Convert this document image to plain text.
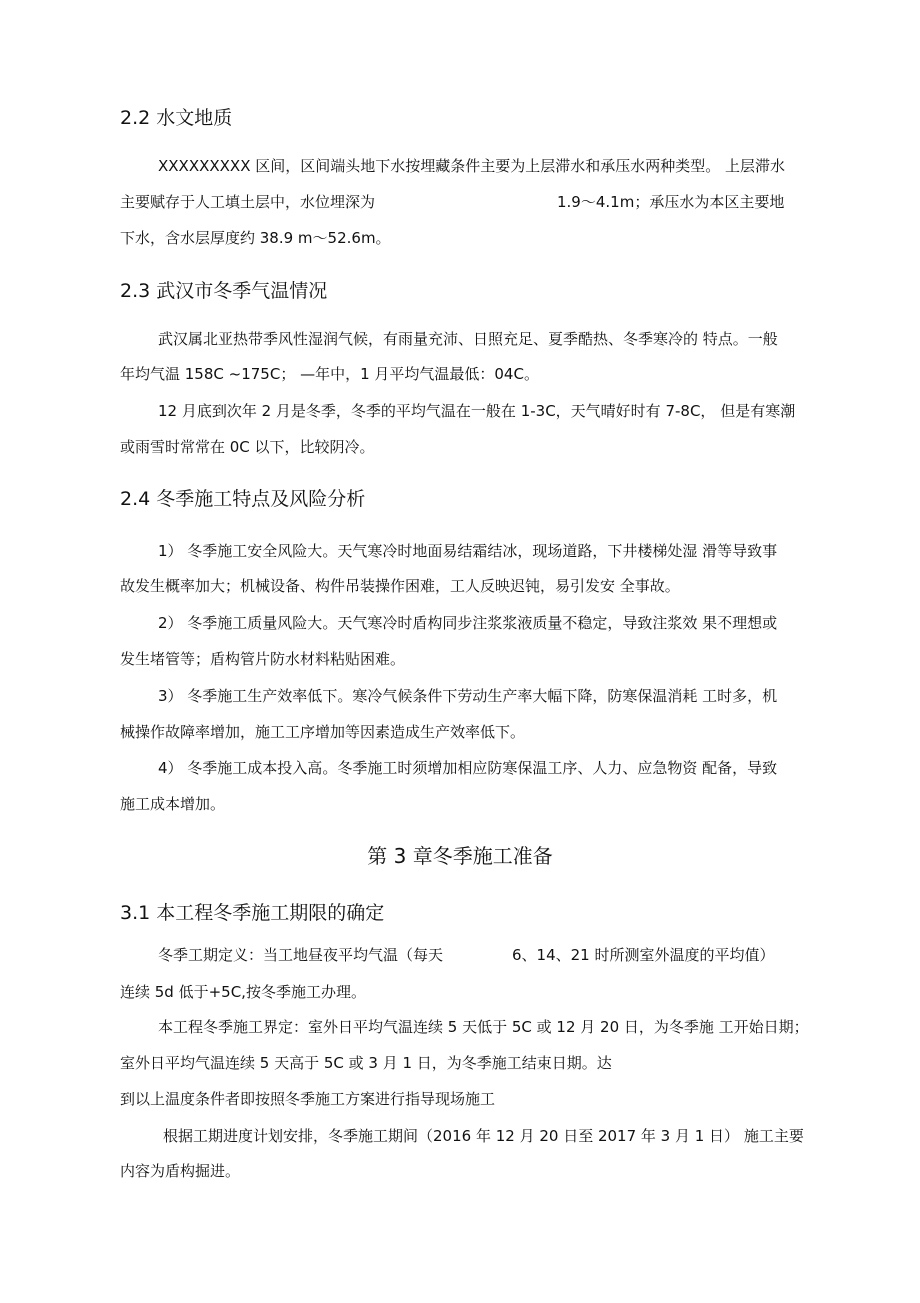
2.2 水文地质
XXXXXXXXX 区间，区间端头地下水按埋藏条件主要为上层滞水和承压水两种类型。 上层滞水
主要赋存于人工填土层中，水位埋深为	1.9～4.1m；承压水为本区主要地
下水，含水层厚度约 38.9 m～52.6m。
2.3 武汉市冬季气温情况
武汉属北亚热带季风性湿润气候，有雨量充沛、日照充足、夏季酷热、冬季寒冷的 特点。一般
年均气温 158C ~175C； —年中，1 月平均气温最低：04C。
12 月底到次年 2 月是冬季，冬季的平均气温在一般在 1-3C，天气晴好时有 7-8C， 但是有寒潮
或雨雪时常常在 0C 以下，比较阴冷。
2.4 冬季施工特点及风险分析
1） 冬季施工安全风险大。天气寒冷时地面易结霜结冰，现场道路，下井楼梯处湿 滑等导致事
故发生概率加大；机械设备、构件吊装操作困难，工人反映迟钝，易引发安 全事故。
2） 冬季施工质量风险大。天气寒冷时盾构同步注浆浆液质量不稳定，导致注浆效 果不理想或
发生堵管等；盾构管片防水材料粘贴困难。
3） 冬季施工生产效率低下。寒冷气候条件下劳动生产率大幅下降，防寒保温消耗 工时多，机
械操作故障率增加，施工工序增加等因素造成生产效率低下。
4） 冬季施工成本投入高。冬季施工时须增加相应防寒保温工序、人力、应急物资 配备，导致
施工成本增加。
第 3 章冬季施工准备
3.1 本工程冬季施工期限的确定
冬季工期定义：当工地昼夜平均气温（每天	6、14、21 时所测室外温度的平均值）
连续 5d 低于+5C,按冬季施工办理。
本工程冬季施工界定：室外日平均气温连续 5 天低于 5C 或 12 月 20 日，为冬季施 工开始日期；
室外日平均气温连续 5 天高于 5C 或 3 月 1 日，为冬季施工结束日期。达
到以上温度条件者即按照冬季施工方案进行指导现场施工
根据工期进度计划安排，冬季施工期间（2016 年 12 月 20 日至 2017 年 3 月 1 日） 施工主要
内容为盾构掘进。
